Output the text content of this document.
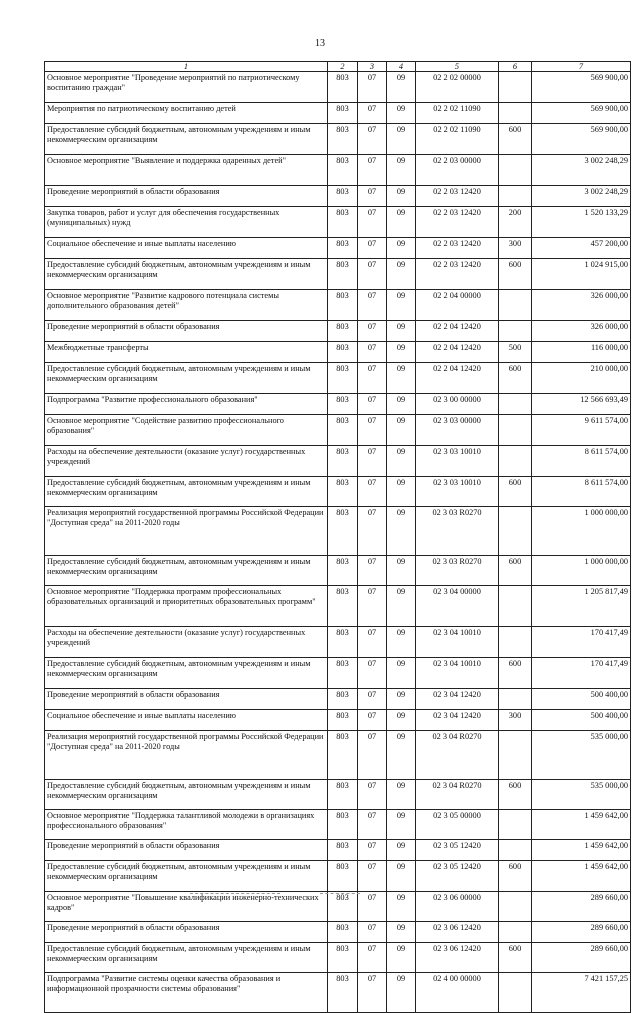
13
1	2	3	4	5	6	7
Основное мероприятие "Проведение мероприятий по патриотическому воспитанию граждан"	803	07	09	02 2 02 00000		569 900,00
Мероприятия по патриотическому воспитанию детей	803	07	09	02 2 02 11090		569 900,00
Предоставление субсидий бюджетным, автономным учреждениям и иным некоммерческим организациям	803	07	09	02 2 02 11090	600	569 900,00
Основное мероприятие "Выявление и поддержка одаренных детей"	803	07	09	02 2 03 00000		3 002 248,29
Проведение мероприятий в области образования	803	07	09	02 2 03 12420		3 002 248,29
Закупка товаров, работ и услуг для обеспечения государственных (муниципальных) нужд	803	07	09	02 2 03 12420	200	1 520 133,29
Социальное обеспечение и иные выплаты населению	803	07	09	02 2 03 12420	300	457 200,00
Предоставление субсидий бюджетным, автономным учреждениям и иным некоммерческим организациям	803	07	09	02 2 03 12420	600	1 024 915,00
Основное мероприятие "Развитие кадрового потенциала системы дополнительного образования детей"	803	07	09	02 2 04 00000		326 000,00
Проведение мероприятий в области образования	803	07	09	02 2 04 12420		326 000,00
Межбюджетные трансферты	803	07	09	02 2 04 12420	500	116 000,00
Предоставление субсидий бюджетным, автономным учреждениям и иным некоммерческим организациям	803	07	09	02 2 04 12420	600	210 000,00
Подпрограмма "Развитие профессионального образования"	803	07	09	02 3 00 00000		12 566 693,49
Основное мероприятие "Содействие развитию профессионального образования"	803	07	09	02 3 03 00000		9 611 574,00
Расходы на обеспечение деятельности (оказание услуг) государственных учреждений	803	07	09	02 3 03 10010		8 611 574,00
Предоставление субсидий бюджетным, автономным учреждениям и иным некоммерческим организациям	803	07	09	02 3 03 10010	600	8 611 574,00
Реализация мероприятий государственной программы Российской Федерации "Доступная среда" на 2011-2020 годы	803	07	09	02 3 03 R0270		1 000 000,00
Предоставление субсидий бюджетным, автономным учреждениям и иным некоммерческим организациям	803	07	09	02 3 03 R0270	600	1 000 000,00
Основное мероприятие "Поддержка программ профессиональных образовательных организаций и приоритетных образовательных программ"	803	07	09	02 3 04 00000		1 205 817,49
Расходы на обеспечение деятельности (оказание услуг) государственных учреждений	803	07	09	02 3 04 10010		170 417,49
Предоставление субсидий бюджетным, автономным учреждениям и иным некоммерческим организациям	803	07	09	02 3 04 10010	600	170 417,49
Проведение мероприятий в области образования	803	07	09	02 3 04 12420		500 400,00
Социальное обеспечение и иные выплаты населению	803	07	09	02 3 04 12420	300	500 400,00
Реализация мероприятий государственной программы Российской Федерации "Доступная среда" на 2011-2020 годы	803	07	09	02 3 04 R0270		535 000,00
Предоставление субсидий бюджетным, автономным учреждениям и иным некоммерческим организациям	803	07	09	02 3 04 R0270	600	535 000,00
Основное мероприятие "Поддержка талантливой молодежи в организациях профессионального образования"	803	07	09	02 3 05 00000		1 459 642,00
Проведение мероприятий в области образования	803	07	09	02 3 05 12420		1 459 642,00
Предоставление субсидий бюджетным, автономным учреждениям и иным некоммерческим организациям	803	07	09	02 3 05 12420	600	1 459 642,00
Основное мероприятие "Повышение квалификации инженерно-технических кадров"	803	07	09	02 3 06 00000		289 660,00
Проведение мероприятий в области образования	803	07	09	02 3 06 12420		289 660,00
Предоставление субсидий бюджетным, автономным учреждениям и иным некоммерческим организациям	803	07	09	02 3 06 12420	600	289 660,00
Подпрограмма "Развитие системы оценки качества образования и информационной прозрачности системы образования"	803	07	09	02 4 00 00000		7 421 157,25
